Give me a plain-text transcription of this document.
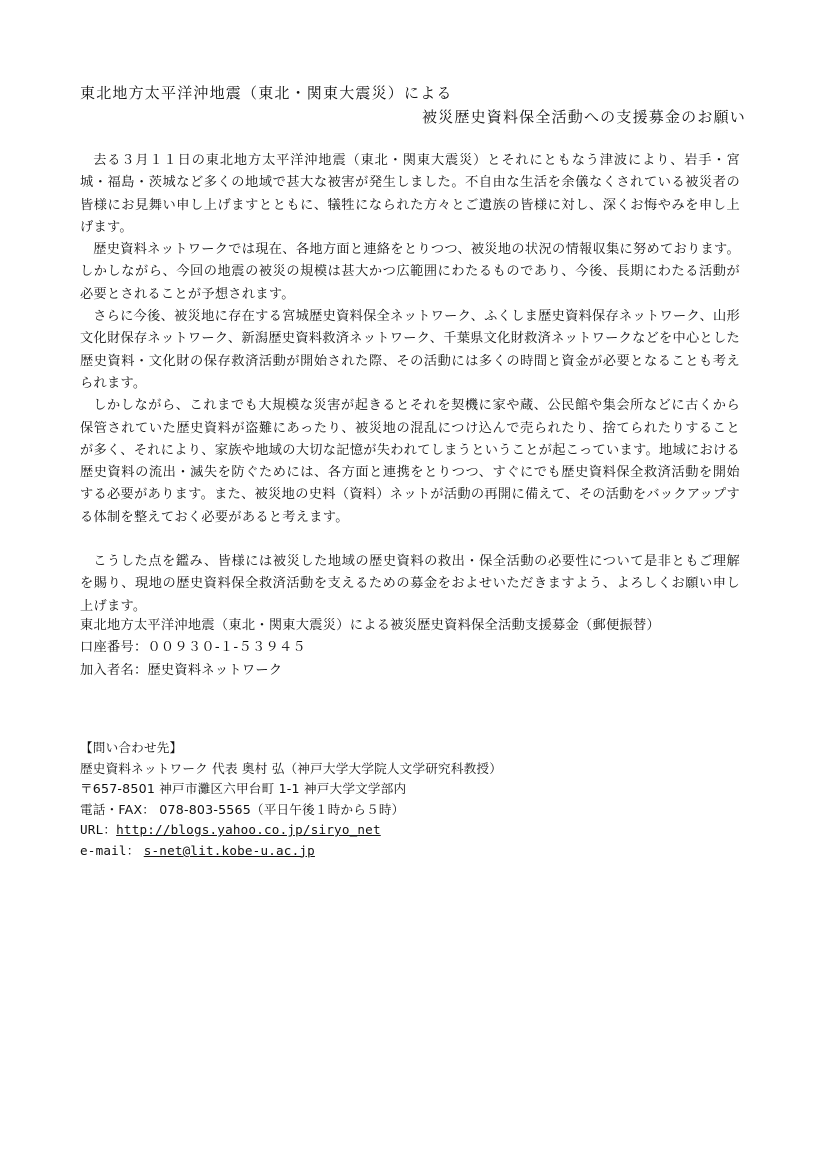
東北地方太平洋沖地震（東北・関東大震災）による
被災歴史資料保全活動への支援募金のお願い

去る３月１１日の東北地方太平洋沖地震（東北・関東大震災）とそれにともなう津波により、岩手・宮城・福島・茨城など多くの地域で甚大な被害が発生しました。不自由な生活を余儀なくされている被災者の皆様にお見舞い申し上げますとともに、犠牲になられた方々とご遺族の皆様に対し、深くお悔やみを申し上げます。

歴史資料ネットワークでは現在、各地方面と連絡をとりつつ、被災地の状況の情報収集に努めております。しかしながら、今回の地震の被災の規模は甚大かつ広範囲にわたるものであり、今後、長期にわたる活動が必要とされることが予想されます。

さらに今後、被災地に存在する宮城歴史資料保全ネットワーク、ふくしま歴史資料保存ネットワーク、山形文化財保存ネットワーク、新潟歴史資料救済ネットワーク、千葉県文化財救済ネットワークなどを中心とした歴史資料・文化財の保存救済活動が開始された際、その活動には多くの時間と資金が必要となることも考えられます。

しかしながら、これまでも大規模な災害が起きるとそれを契機に家や蔵、公民館や集会所などに古くから保管されていた歴史資料が盗難にあったり、被災地の混乱につけ込んで売られたり、捨てられたりすることが多く、それにより、家族や地域の大切な記憶が失われてしまうということが起こっています。地域における歴史資料の流出・滅失を防ぐためには、各方面と連携をとりつつ、すぐにでも歴史資料保全救済活動を開始する必要があります。また、被災地の史料（資料）ネットが活動の再開に備えて、その活動をバックアップする体制を整えておく必要があると考えます。

こうした点を鑑み、皆様には被災した地域の歴史資料の救出・保全活動の必要性について是非ともご理解を賜り、現地の歴史資料保全救済活動を支えるための募金をおよせいただきますよう、よろしくお願い申し上げます。

東北地方太平洋沖地震（東北・関東大震災）による被災歴史資料保全活動支援募金（郵便振替）
口座番号：００９３０-１-５３９４５
加入者名：歴史資料ネットワーク
【問い合わせ先】
歴史資料ネットワーク 代表 奥村 弘（神戸大学大学院人文学研究科教授）
〒657-8501 神戸市灘区六甲台町 1-1 神戸大学文学部内
電話・FAX： 078-803-5565（平日午後１時から５時）
URL：http://blogs.yahoo.co.jp/siryo_net
e-mail： s-net@lit.kobe-u.ac.jp
